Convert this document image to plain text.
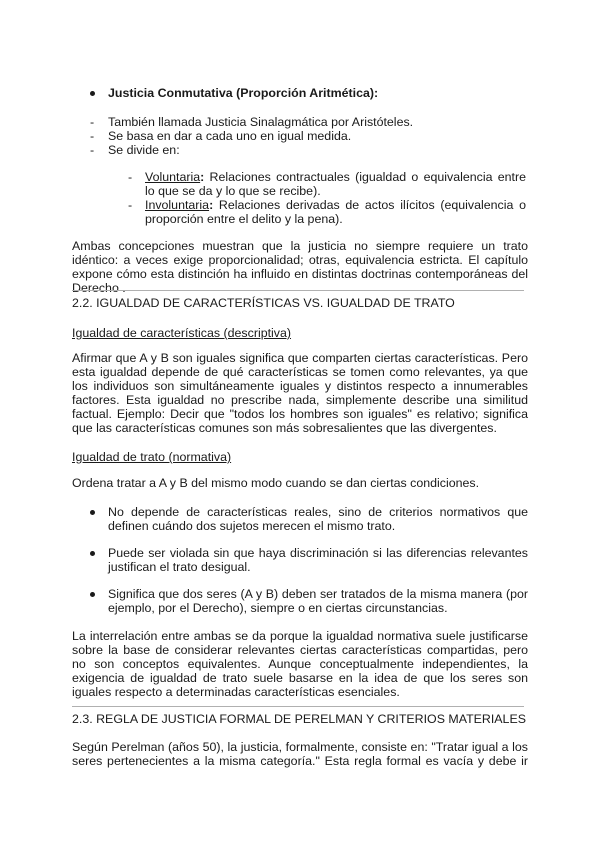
Justicia Conmutativa (Proporción Aritmética):
- También llamada Justicia Sinalagmática por Aristóteles.
- Se basa en dar a cada uno en igual medida.
- Se divide en:
- Voluntaria: Relaciones contractuales (igualdad o equivalencia entre lo que se da y lo que se recibe).

- Involuntaria: Relaciones derivadas de actos ilícitos (equivalencia o proporción entre el delito y la pena).

Ambas concepciones muestran que la justicia no siempre requiere un trato idéntico: a veces exige proporcionalidad; otras, equivalencia estricta. El capítulo expone cómo esta distinción ha influido en distintas doctrinas contemporáneas del Derecho .

2.2. IGUALDAD DE CARACTERÍSTICAS VS. IGUALDAD DE TRATO
Igualdad de características (descriptiva)

Afirmar que A y B son iguales significa que comparten ciertas características. Pero esta igualdad depende de qué características se tomen como relevantes, ya que los individuos son simultáneamente iguales y distintos respecto a innumerables factores. Esta igualdad no prescribe nada, simplemente describe una similitud factual. Ejemplo: Decir que "todos los hombres son iguales" es relativo; significa que las características comunes son más sobresalientes que las divergentes.

Igualdad de trato (normativa)

Ordena tratar a A y B del mismo modo cuando se dan ciertas condiciones.

No depende de características reales, sino de criterios normativos que definen cuándo dos sujetos merecen el mismo trato.

Puede ser violada sin que haya discriminación si las diferencias relevantes justifican el trato desigual.

Significa que dos seres (A y B) deben ser tratados de la misma manera (por ejemplo, por el Derecho), siempre o en ciertas circunstancias.

La interrelación entre ambas se da porque la igualdad normativa suele justificarse sobre la base de considerar relevantes ciertas características compartidas, pero no son conceptos equivalentes. Aunque conceptualmente independientes, la exigencia de igualdad de trato suele basarse en la idea de que los seres son iguales respecto a determinadas características esenciales.

2.3. REGLA DE JUSTICIA FORMAL DE PERELMAN Y CRITERIOS MATERIALES

Según Perelman (años 50), la justicia, formalmente, consiste en: "Tratar igual a los seres pertenecientes a la misma categoría." Esta regla formal es vacía y debe ir
